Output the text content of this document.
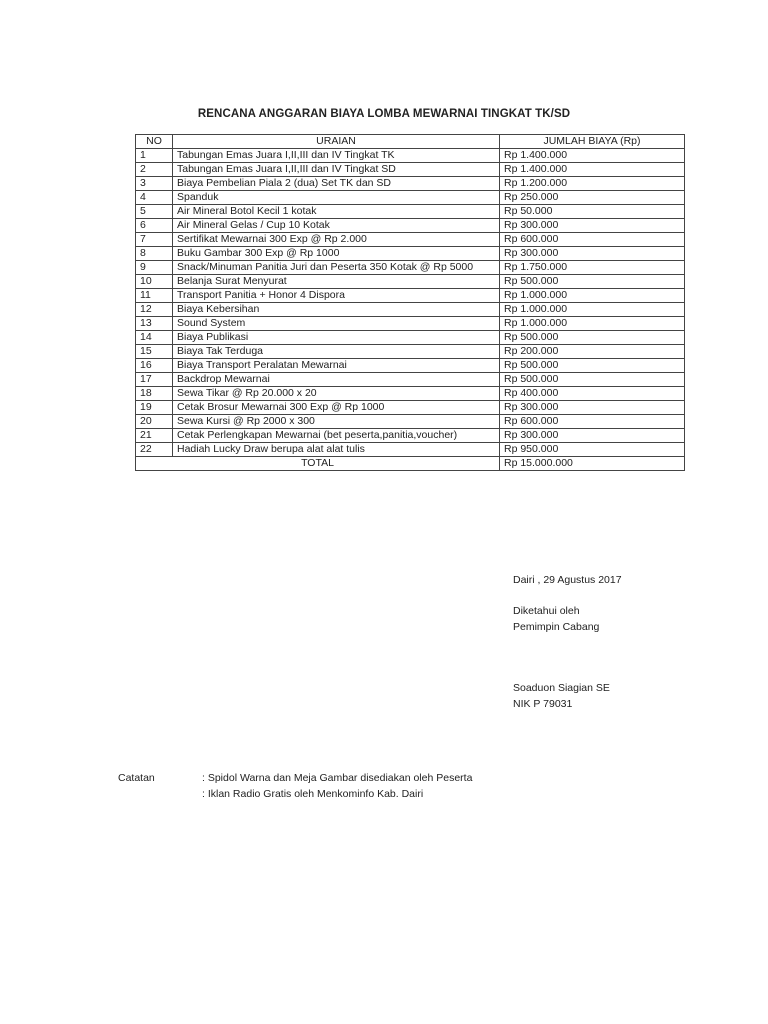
RENCANA ANGGARAN BIAYA LOMBA MEWARNAI TINGKAT TK/SD
NO	URAIAN	JUMLAH BIAYA (Rp)
1	Tabungan Emas Juara I,II,III dan IV Tingkat TK	Rp 1.400.000
2	Tabungan Emas Juara I,II,III dan IV Tingkat SD	Rp 1.400.000
3	Biaya Pembelian Piala 2 (dua) Set TK dan SD	Rp 1.200.000
4	Spanduk	Rp 250.000
5	Air Mineral Botol Kecil 1 kotak	Rp 50.000
6	Air Mineral Gelas / Cup 10 Kotak	Rp 300.000
7	Sertifikat Mewarnai 300 Exp @ Rp 2.000	Rp 600.000
8	Buku Gambar 300 Exp @ Rp 1000	Rp 300.000
9	Snack/Minuman Panitia Juri dan Peserta 350 Kotak @ Rp 5000	Rp 1.750.000
10	Belanja Surat Menyurat	Rp 500.000
11	Transport Panitia + Honor 4 Dispora	Rp 1.000.000
12	Biaya Kebersihan	Rp 1.000.000
13	Sound System	Rp 1.000.000
14	Biaya Publikasi	Rp 500.000
15	Biaya Tak Terduga	Rp 200.000
16	Biaya Transport Peralatan Mewarnai	Rp 500.000
17	Backdrop Mewarnai	Rp 500.000
18	Sewa Tikar @ Rp 20.000 x 20	Rp 400.000
19	Cetak Brosur Mewarnai 300 Exp @ Rp 1000	Rp 300.000
20	Sewa Kursi @ Rp 2000 x 300	Rp 600.000
21	Cetak Perlengkapan Mewarnai (bet peserta,panitia,voucher)	Rp 300.000
22	Hadiah Lucky Draw berupa alat alat tulis	Rp 950.000
TOTAL		Rp 15.000.000
Dairi , 29 Agustus 2017
Diketahui oleh
Pemimpin Cabang
Soaduon Siagian SE
NIK P 79031
Catatan	: Spidol Warna dan Meja Gambar disediakan oleh Peserta
: Iklan Radio Gratis oleh Menkominfo Kab. Dairi
